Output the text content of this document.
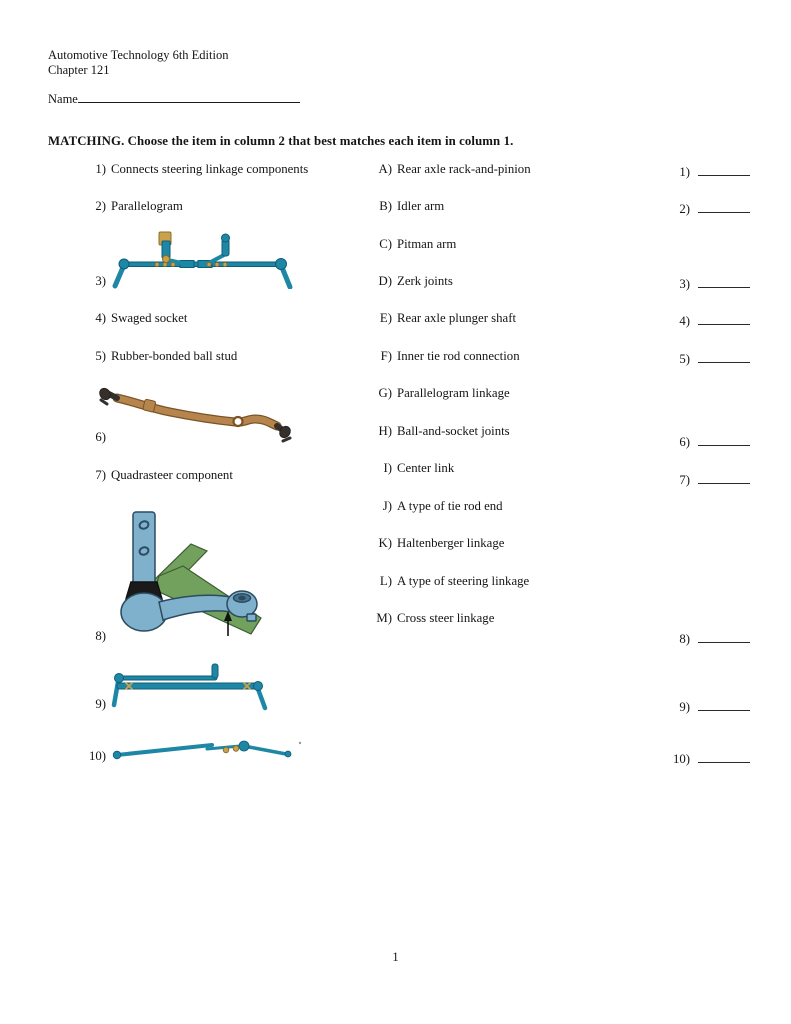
Automotive Technology 6th Edition
Chapter 121
Name
MATCHING. Choose the item in column 2 that best matches each item in column 1.
1) Connects steering linkage components
2) Parallelogram
3)
4) Swaged socket
5) Rubber-bonded ball stud
6)
7) Quadrasteer component
8)
9)
10)
A) Rear axle rack-and-pinion
B) Idler arm
C) Pitman arm
D) Zerk joints
E) Rear axle plunger shaft
F) Inner tie rod connection
G) Parallelogram linkage
H) Ball-and-socket joints
I) Center link
J) A type of tie rod end
K) Haltenberger linkage
L) A type of steering linkage
M) Cross steer linkage
1)
2)
3)
4)
5)
6)
7)
8)
9)
10)
1
